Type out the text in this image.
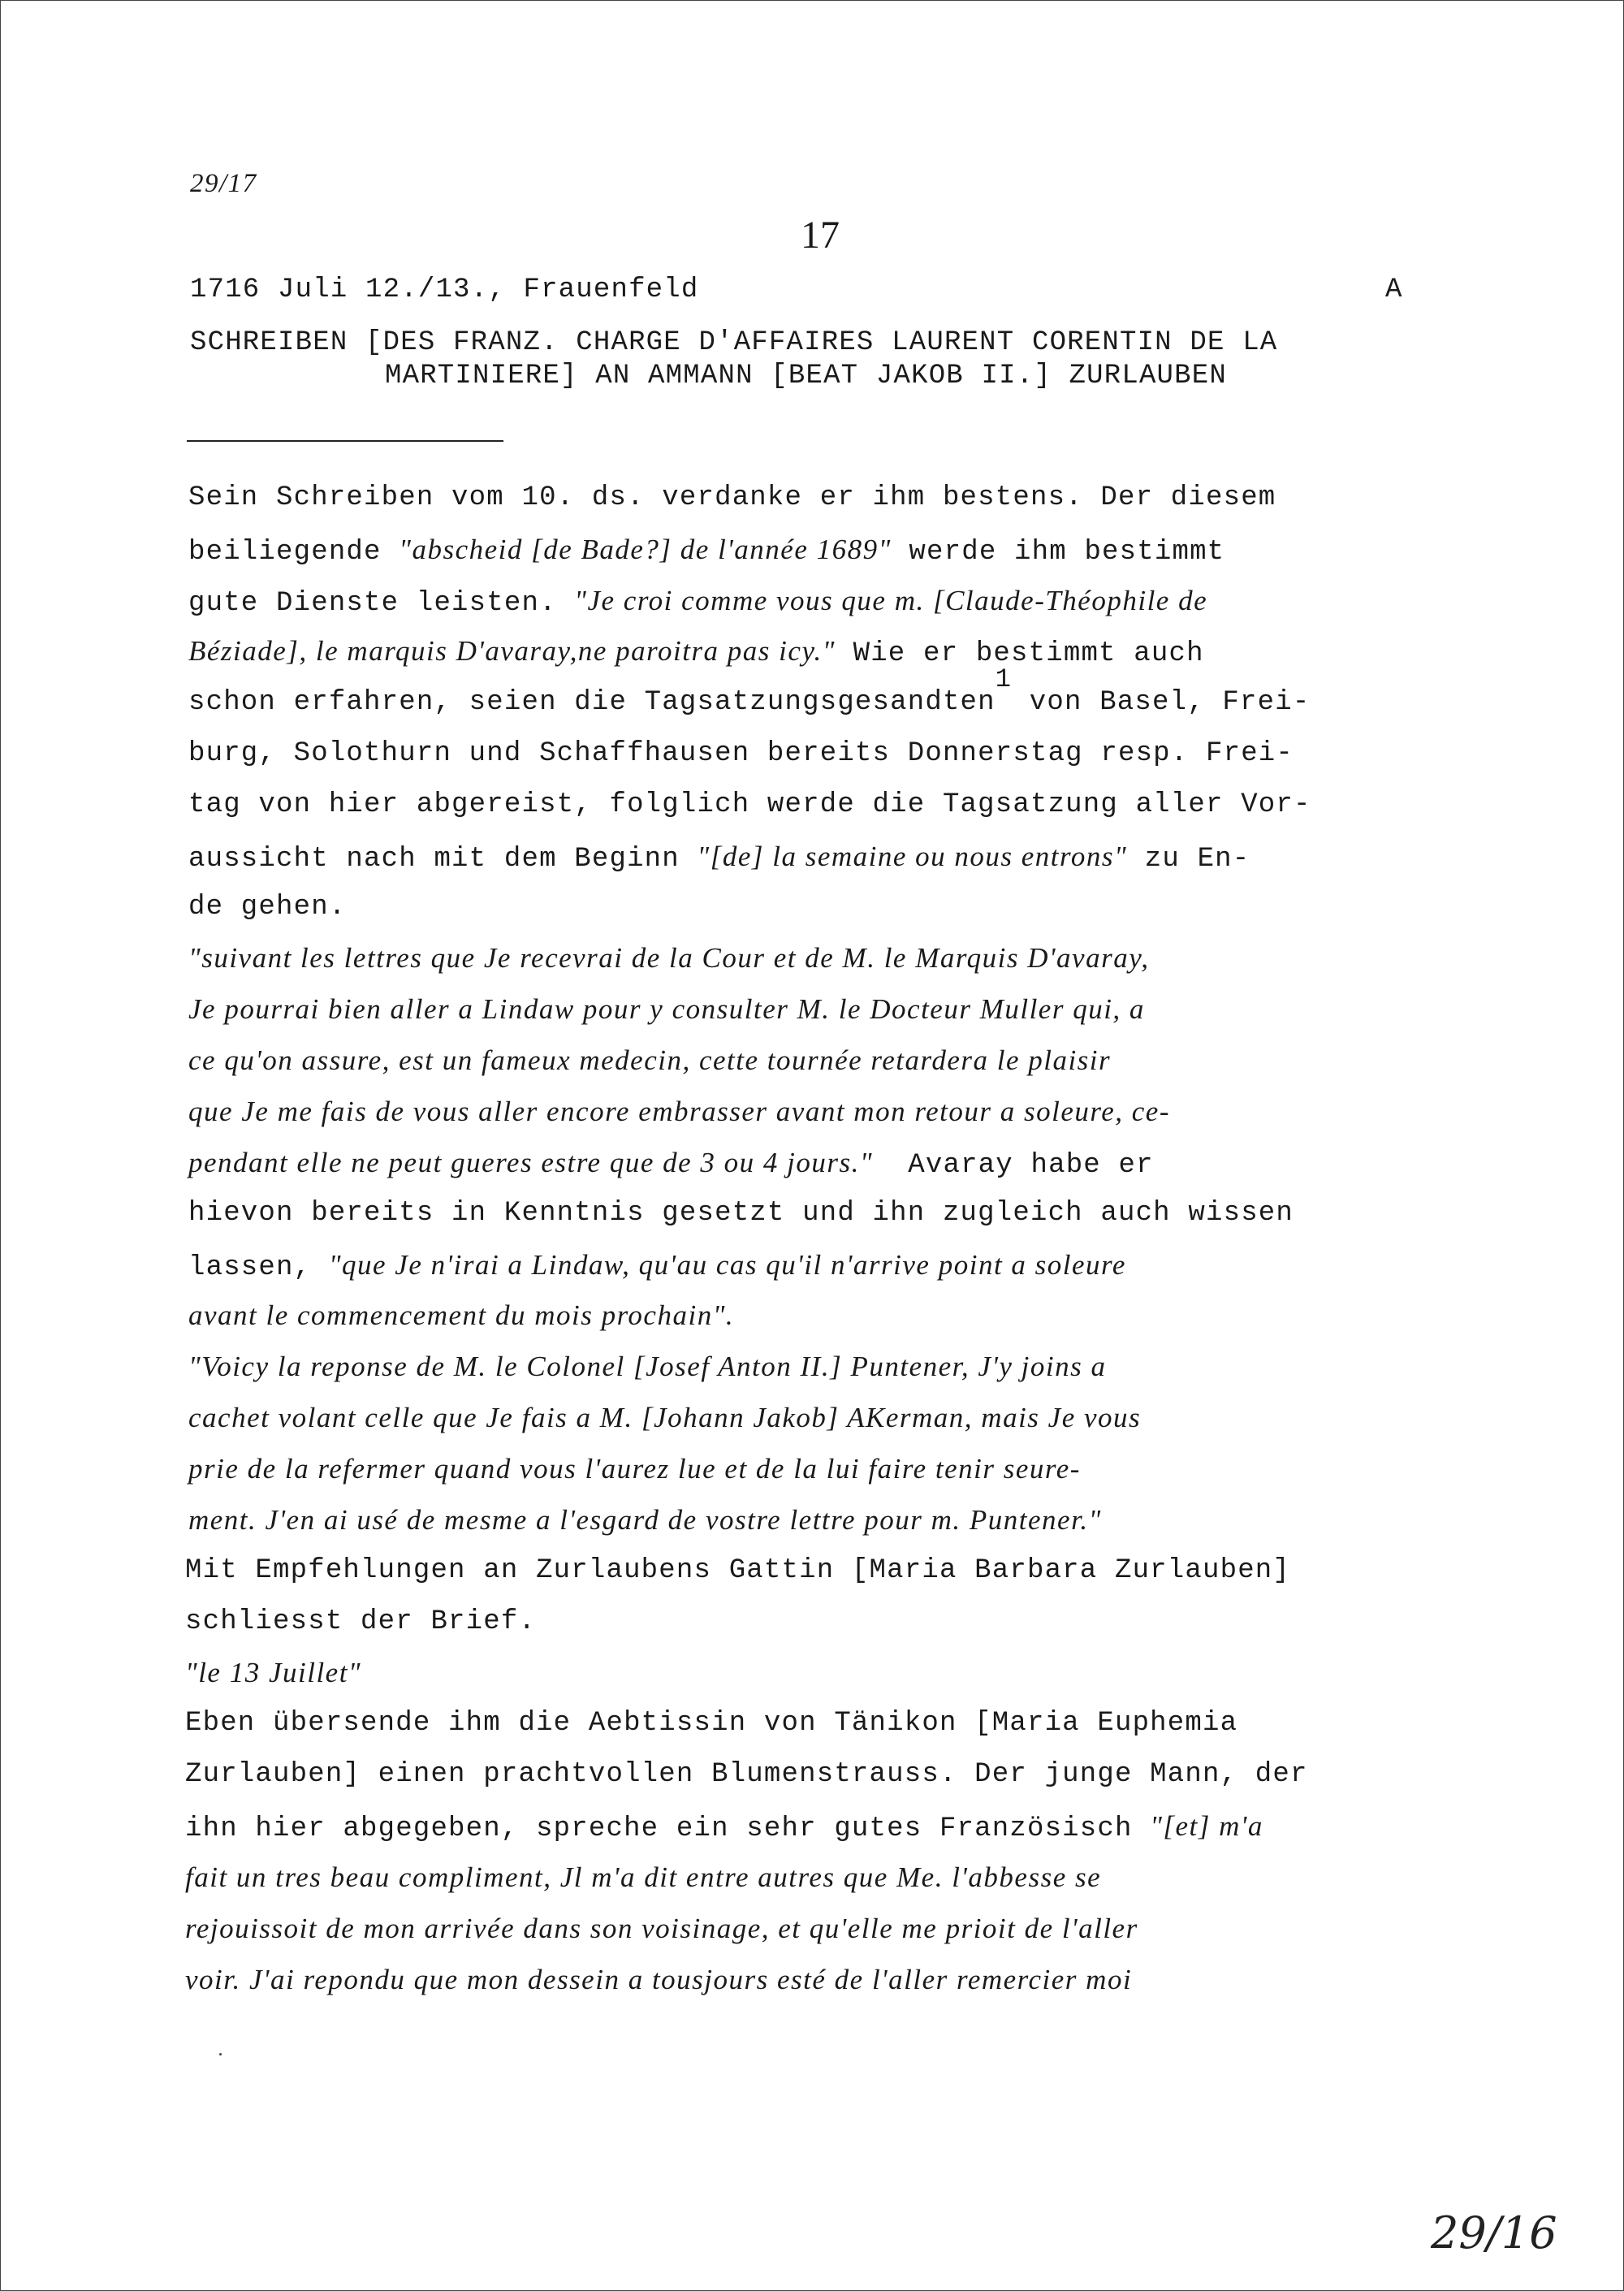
29/17
17
1716 Juli 12./13., Frauenfeld	A
SCHREIBEN [DES FRANZ. CHARGE D'AFFAIRES LAURENT CORENTIN DE LA
MARTINIERE] AN AMMANN [BEAT JAKOB II.] ZURLAUBEN
Sein Schreiben vom 10. ds. verdanke er ihm bestens. Der diesem
beiliegende "abscheid [de Bade?] de l'année 1689" werde ihm bestimmt
gute Dienste leisten. "Je croi comme vous que m. [Claude-Théophile de
Béziade], le marquis D'avaray,ne paroitra pas icy." Wie er bestimmt auch
schon erfahren, seien die Tagsatzungsgesandten1 von Basel, Frei-
burg, Solothurn und Schaffhausen bereits Donnerstag resp. Frei-
tag von hier abgereist, folglich werde die Tagsatzung aller Vor-
aussicht nach mit dem Beginn "[de] la semaine ou nous entrons" zu En-
de gehen.
"suivant les lettres que Je recevrai de la Cour et de M. le Marquis D'avaray,
Je pourrai bien aller a Lindaw pour y consulter M. le Docteur Muller qui, a
ce qu'on assure, est un fameux medecin, cette tournée retardera le plaisir
que Je me fais de vous aller encore embrasser avant mon retour a soleure, ce-
pendant elle ne peut gueres estre que de 3 ou 4 jours."  Avaray habe er
hievon bereits in Kenntnis gesetzt und ihn zugleich auch wissen
lassen, "que Je n'irai a Lindaw, qu'au cas qu'il n'arrive point a soleure
avant le commencement du mois prochain".
"Voicy la reponse de M. le Colonel [Josef Anton II.] Puntener, J'y joins a
cachet volant celle que Je fais a M. [Johann Jakob] AKerman, mais Je vous
prie de la refermer quand vous l'aurez lue et de la lui faire tenir seure-
ment. J'en ai usé de mesme a l'esgard de vostre lettre pour m. Puntener."
Mit Empfehlungen an Zurlaubens Gattin [Maria Barbara Zurlauben]
schliesst der Brief.
"le 13 Juillet"
Eben übersende ihm die Aebtissin von Tänikon [Maria Euphemia
Zurlauben] einen prachtvollen Blumenstrauss. Der junge Mann, der
ihn hier abgegeben, spreche ein sehr gutes Französisch "[et] m'a
fait un tres beau compliment, Jl m'a dit entre autres que Me. l'abbesse se
rejouissoit de mon arrivée dans son voisinage, et qu'elle me prioit de l'aller
voir. J'ai repondu que mon dessein a tousjours esté de l'aller remercier moi
29/16
